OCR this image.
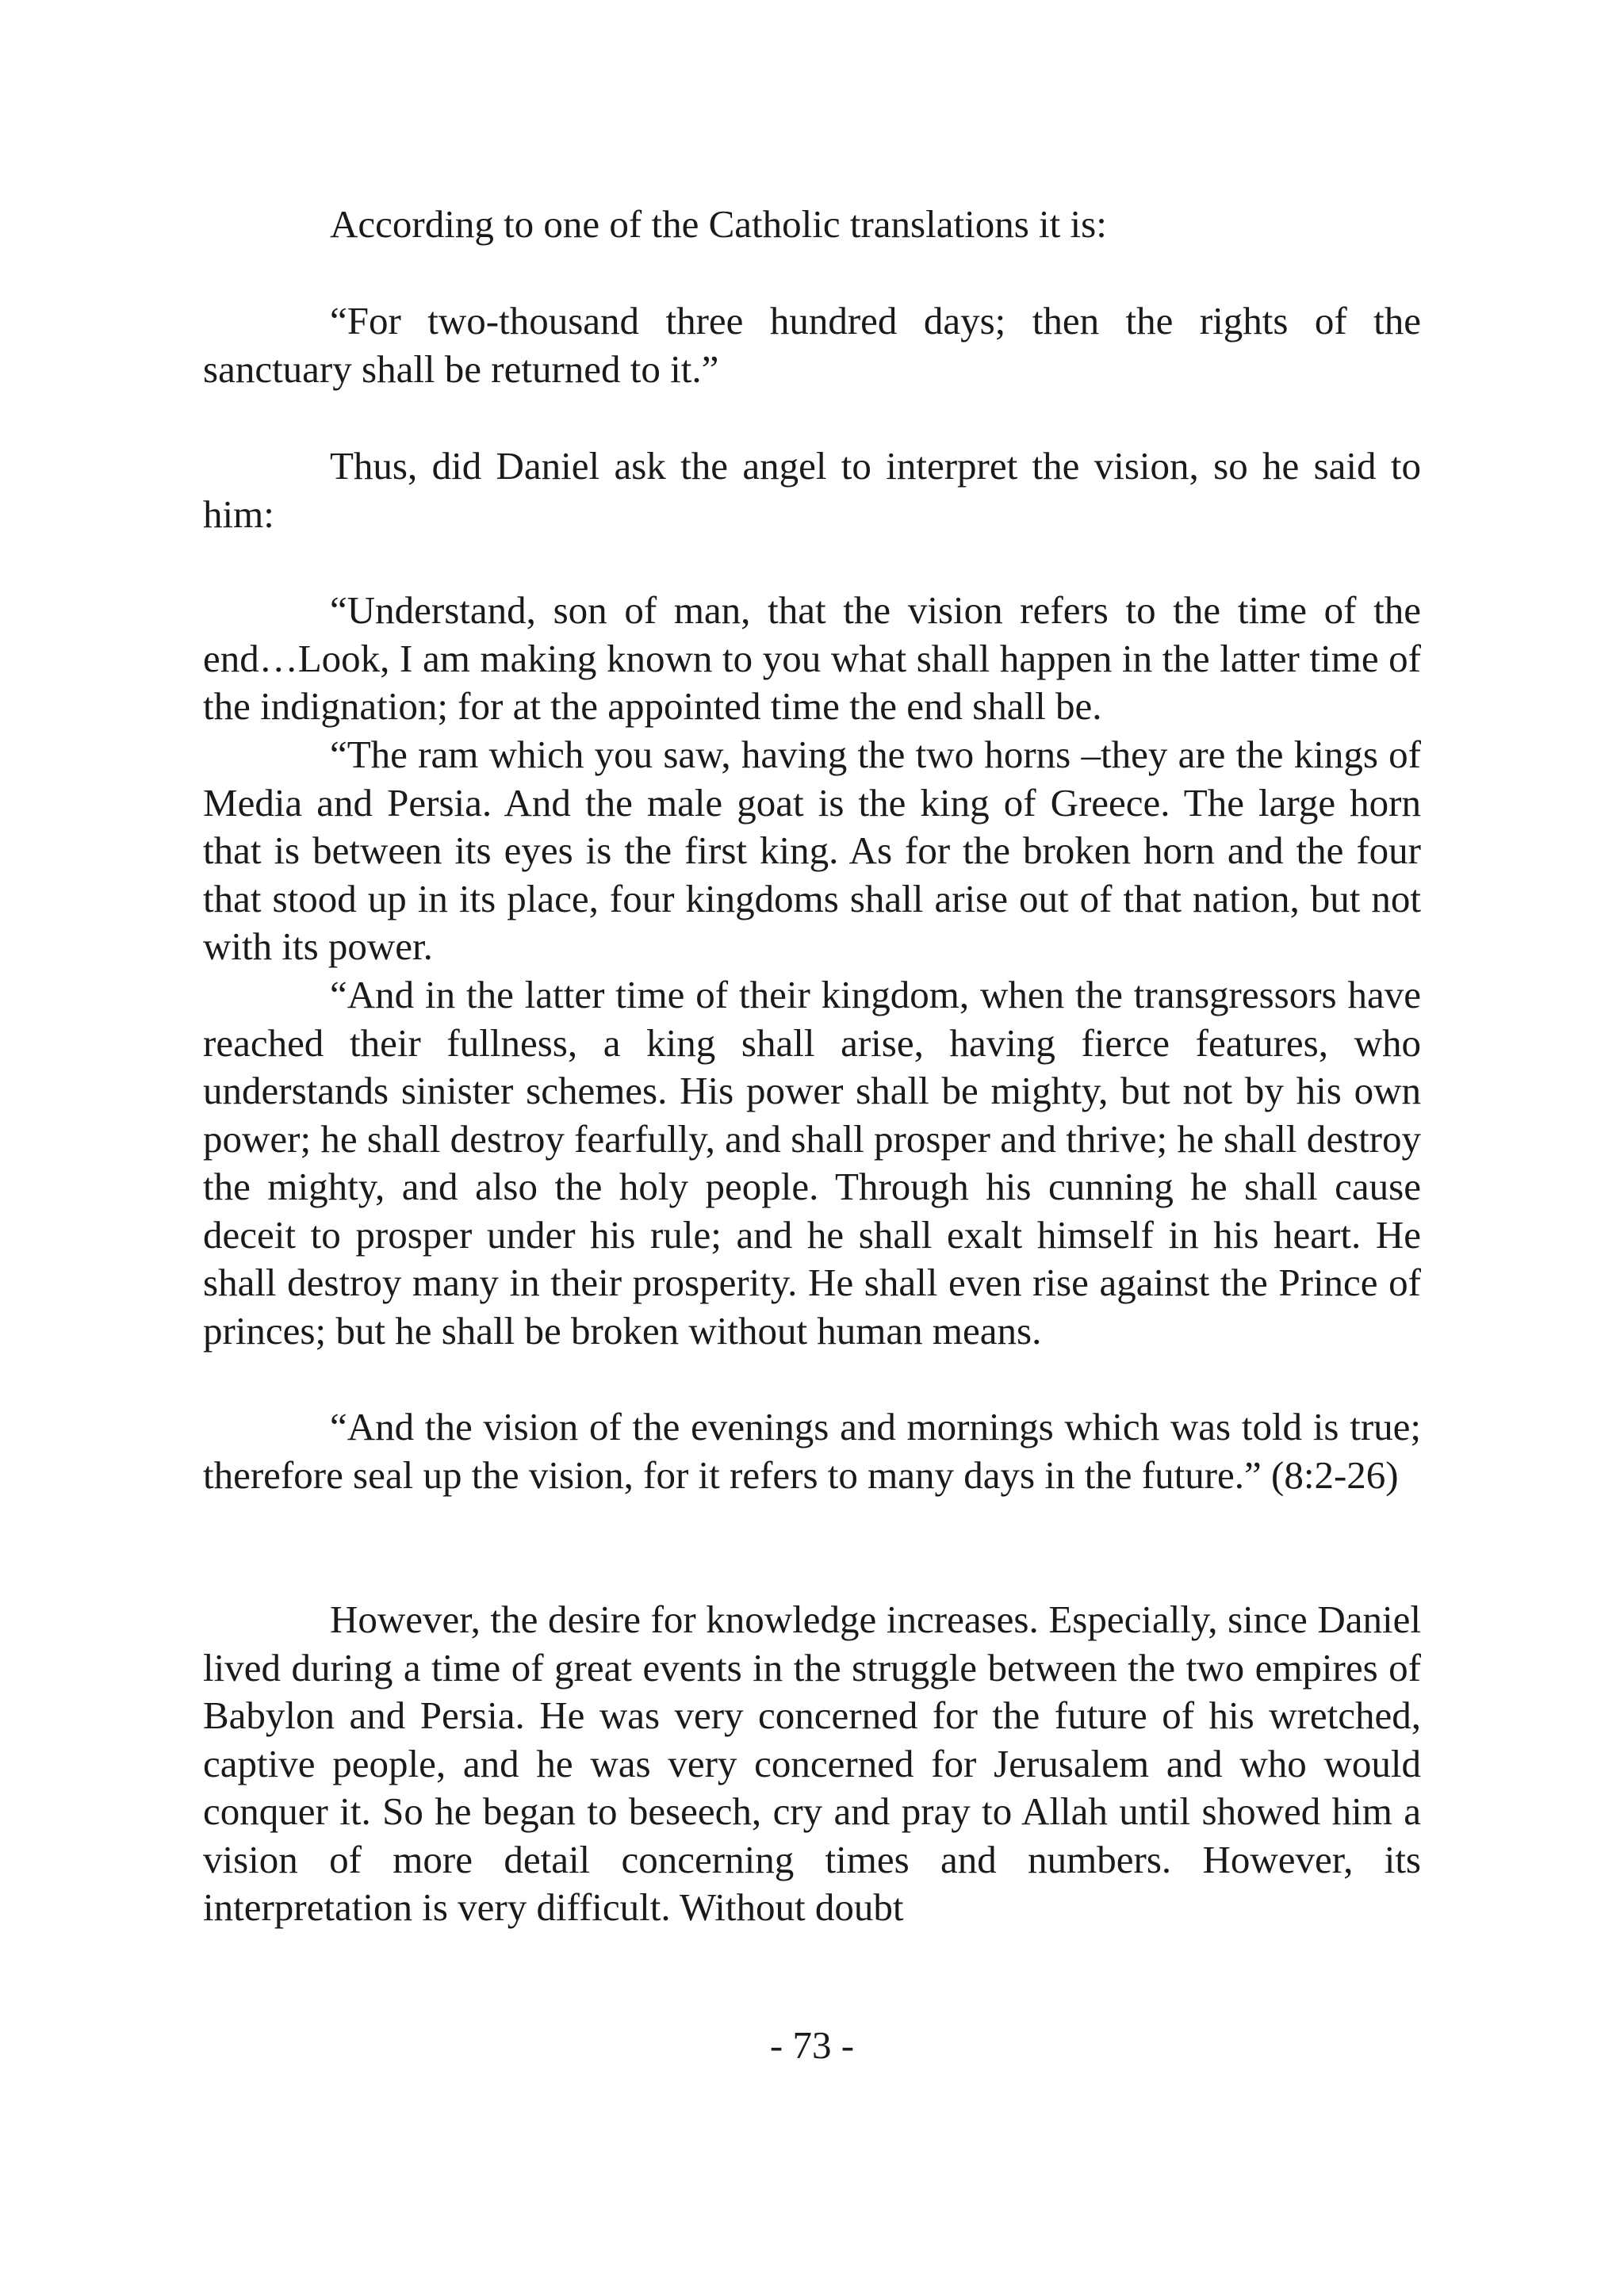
According to one of the Catholic translations it is:

“For two-thousand three hundred days; then the rights of the sanctuary shall be returned to it.”

Thus, did Daniel ask the angel to interpret the vision, so he said to him:

“Understand, son of man, that the vision refers to the time of the end…Look, I am making known to you what shall happen in the latter time of the indignation; for at the appointed time the end shall be.

“The ram which you saw, having the two horns –they are the kings of Media and Persia. And the male goat is the king of Greece. The large horn that is between its eyes is the first king. As for the broken horn and the four that stood up in its place, four kingdoms shall arise out of that nation, but not with its power.

“And in the latter time of their kingdom, when the transgressors have reached their fullness, a king shall arise, having fierce features, who understands sinister schemes. His power shall be mighty, but not by his own power; he shall destroy fearfully, and shall prosper and thrive; he shall destroy the mighty, and also the holy people. Through his cunning he shall cause deceit to prosper under his rule; and he shall exalt himself in his heart. He shall destroy many in their prosperity. He shall even rise against the Prince of princes; but he shall be broken without human means.

“And the vision of the evenings and mornings which was told is true; therefore seal up the vision, for it refers to many days in the future.” (8:2-26)

However, the desire for knowledge increases. Especially, since Daniel lived during a time of great events in the struggle between the two empires of Babylon and Persia. He was very concerned for the future of his wretched, captive people, and he was very concerned for Jerusalem and who would conquer it. So he began to beseech, cry and pray to Allah until showed him a vision of more detail concerning times and numbers. However, its interpretation is very difficult. Without doubt

- 73 -
